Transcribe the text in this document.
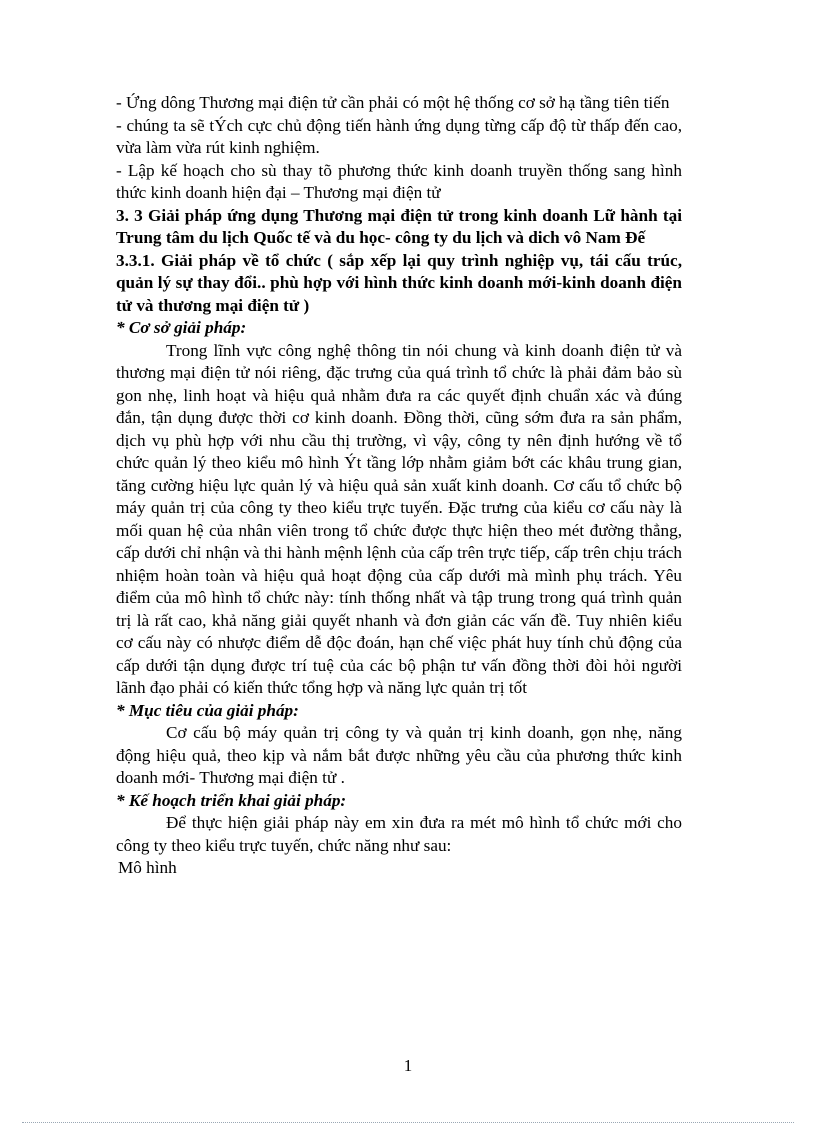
- Ứng dông Thương mại điện tử cần phải có một hệ thống cơ sở hạ tầng tiên tiến

- chúng ta sẽ tÝch cực chủ động tiến hành ứng dụng từng cấp độ từ thấp đến cao, vừa làm vừa rút kinh nghiệm.

- Lập kế hoạch cho sù thay tõ phương thức kinh doanh truyền thống sang hình thức kinh doanh hiện đại – Thương mại điện tử

3. 3 Giải pháp ứng dụng Thương mại điện tử trong kinh doanh Lữ hành tại Trung tâm du lịch Quốc tế và du học- công ty du lịch và dich vô Nam Đế

3.3.1. Giải pháp về tổ chức ( sắp xếp lại quy trình nghiệp vụ, tái cấu trúc, quản lý sự thay đổi.. phù hợp với hình thức kinh doanh mới-kinh doanh điện tử và thương mại điện tử )

* Cơ sở giải pháp:

Trong lĩnh vực công nghệ thông tin nói chung và kinh doanh điện tử và thương mại điện tử nói riêng, đặc trưng của quá trình tổ chức là phải đảm bảo sù gon nhẹ, linh hoạt và hiệu quả nhằm đưa ra các quyết định chuẩn xác và đúng đắn, tận dụng được thời cơ kinh doanh. Đồng thời, cũng sớm đưa ra sản phẩm, dịch vụ phù hợp với nhu cầu thị trường, vì vậy, công ty nên định hướng về tổ chức quản lý theo kiểu mô hình Ýt tầng lớp nhằm giảm bớt các khâu trung gian, tăng cường hiệu lực quản lý và hiệu quả sản xuất kinh doanh. Cơ cấu tổ chức bộ máy quản trị của công ty theo kiểu trực tuyến. Đặc trưng của kiểu cơ cấu này là mối quan hệ của nhân viên trong tổ chức được thực hiện theo mét đường thẳng, cấp dưới chỉ nhận và thi hành mệnh lệnh của cấp trên trực tiếp, cấp trên chịu trách nhiệm hoàn toàn và hiệu quả hoạt động của cấp dưới mà mình phụ trách. Yêu điểm của mô hình tổ chức này: tính thống nhất và tập trung trong quá trình quản trị là rất cao, khả năng giải quyết nhanh và đơn giản các vấn đề. Tuy nhiên kiểu cơ cấu này có nhược điểm dễ độc đoán, hạn chế việc phát huy tính chủ động của cấp dưới tận dụng được trí tuệ của các bộ phận tư vấn đồng thời đòi hỏi người lãnh đạo phải có kiến thức tổng hợp và năng lực quản trị tốt

* Mục tiêu của giải pháp:

Cơ cấu bộ máy quản trị công ty và quản trị kinh doanh, gọn nhẹ, năng động hiệu quả, theo kịp và nắm bắt được những yêu cầu của phương thức kinh doanh mới- Thương mại điện tử .

* Kế hoạch triển khai giải pháp:

Để thực hiện giải pháp này em xin đưa ra mét mô hình tổ chức mới cho công ty theo kiểu trực tuyến, chức năng như sau:

Mô hình

1
